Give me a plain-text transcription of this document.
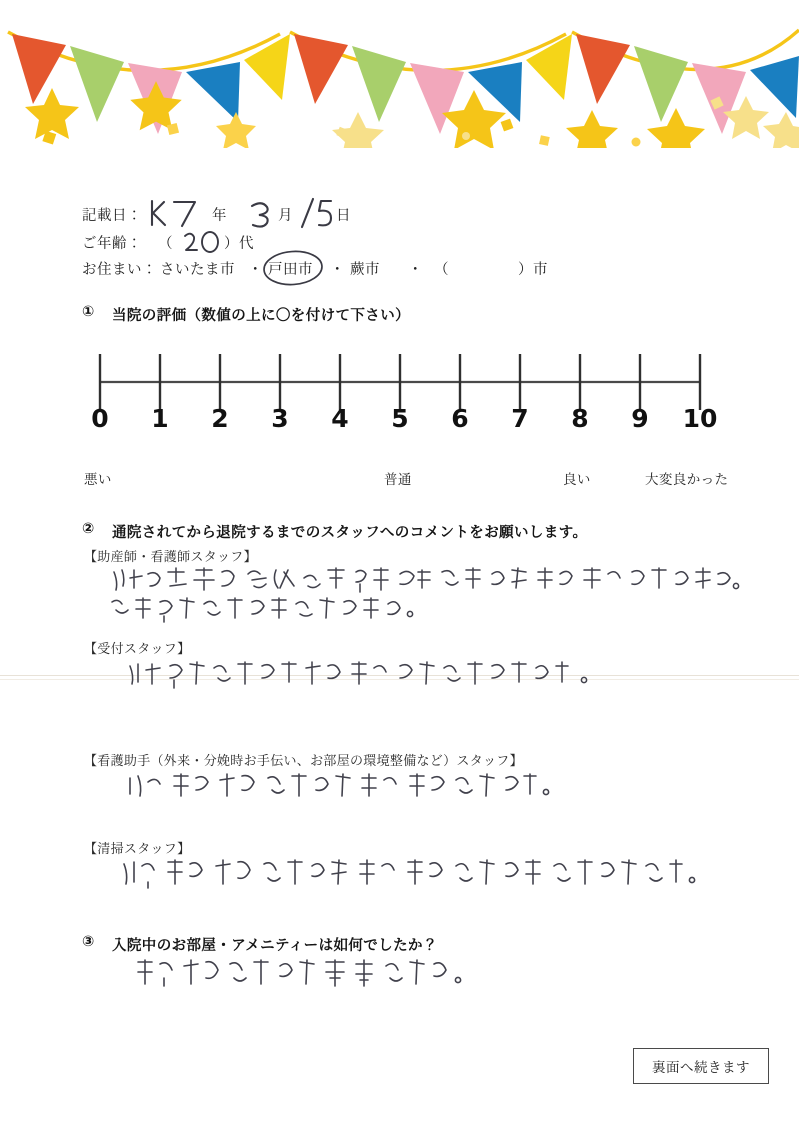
記載日：	年	月	日
ご年齢： （	）代
お住まい： さいたま市 ・ 戸田市 ・ 蕨市 ・ （	）市
① 当院の評価（数値の上に〇を付けて下さい）
0	1	2	3	4	5	6	7	8	9	10
悪い	普通	良い	大変良かった
② 通院されてから退院するまでのスタッフへのコメントをお願いします。
【助産師・看護師スタッフ】
【受付スタッフ】
【看護助手（外来・分娩時お手伝い、お部屋の環境整備など）スタッフ】
【清掃スタッフ】
③ 入院中のお部屋・アメニティーは如何でしたか？
裏面へ続きます
